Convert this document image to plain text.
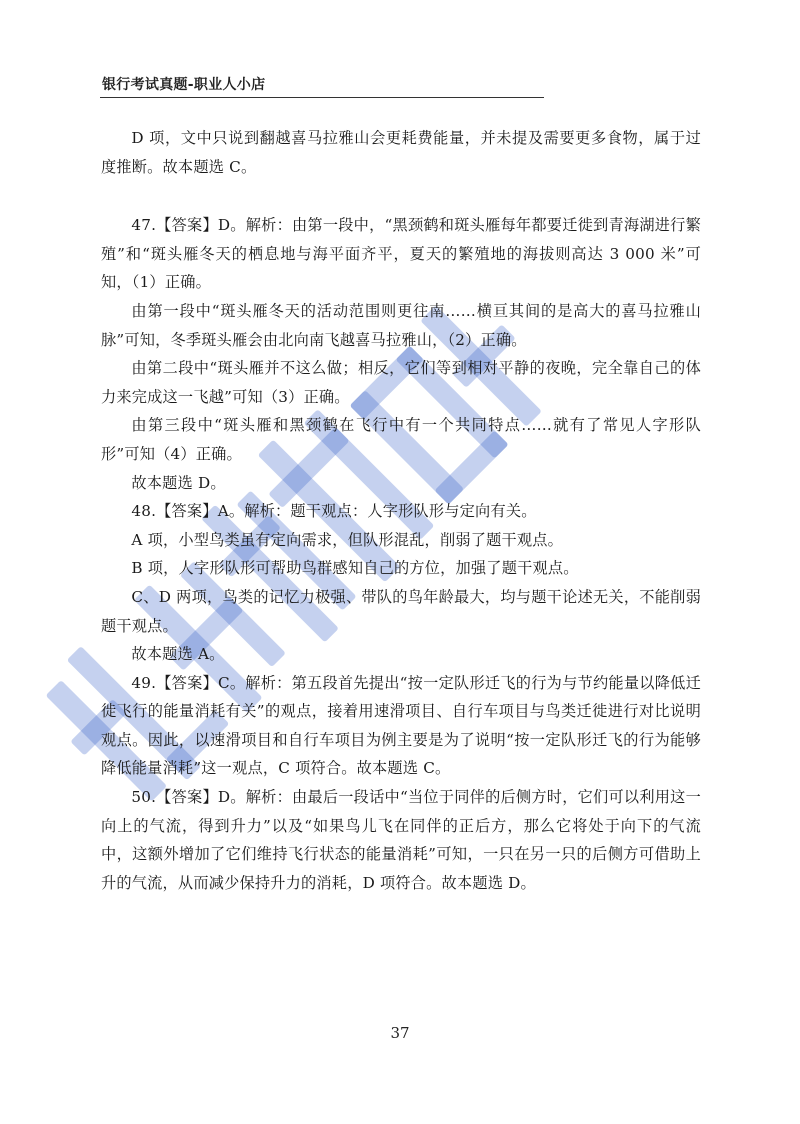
银行考试真题-职业人小店

D 项，文中只说到翻越喜马拉雅山会更耗费能量，并未提及需要更多食物，属于过度推断。故本题选 C。

47.【答案】D。解析：由第一段中，“黑颈鹤和斑头雁每年都要迁徙到青海湖进行繁殖”和“斑头雁冬天的栖息地与海平面齐平，夏天的繁殖地的海拔则高达 3 000 米”可知，（1）正确。

由第一段中“斑头雁冬天的活动范围则更往南……横亘其间的是高大的喜马拉雅山脉”可知，冬季斑头雁会由北向南飞越喜马拉雅山，（2）正确。

由第二段中“斑头雁并不这么做；相反，它们等到相对平静的夜晚，完全靠自己的体力来完成这一飞越”可知（3）正确。

由第三段中“斑头雁和黑颈鹤在飞行中有一个共同特点……就有了常见人字形队形”可知（4）正确。

故本题选 D。

48.【答案】A。解析：题干观点：人字形队形与定向有关。

A 项，小型鸟类虽有定向需求，但队形混乱，削弱了题干观点。

B 项，人字形队形可帮助鸟群感知自己的方位，加强了题干观点。

C、D 两项，鸟类的记忆力极强、带队的鸟年龄最大，均与题干论述无关，不能削弱题干观点。

故本题选 A。

49.【答案】C。解析：第五段首先提出“按一定队形迁飞的行为与节约能量以降低迁徙飞行的能量消耗有关”的观点，接着用速滑项目、自行车项目与鸟类迁徙进行对比说明观点。因此，以速滑项目和自行车项目为例主要是为了说明“按一定队形迁飞的行为能够降低能量消耗”这一观点，C 项符合。故本题选 C。

50.【答案】D。解析：由最后一段话中“当位于同伴的后侧方时，它们可以利用这一向上的气流，得到升力”以及“如果鸟儿飞在同伴的正后方，那么它将处于向下的气流中，这额外增加了它们维持飞行状态的能量消耗”可知，一只在另一只的后侧方可借助上升的气流，从而减少保持升力的消耗，D 项符合。故本题选 D。

37
